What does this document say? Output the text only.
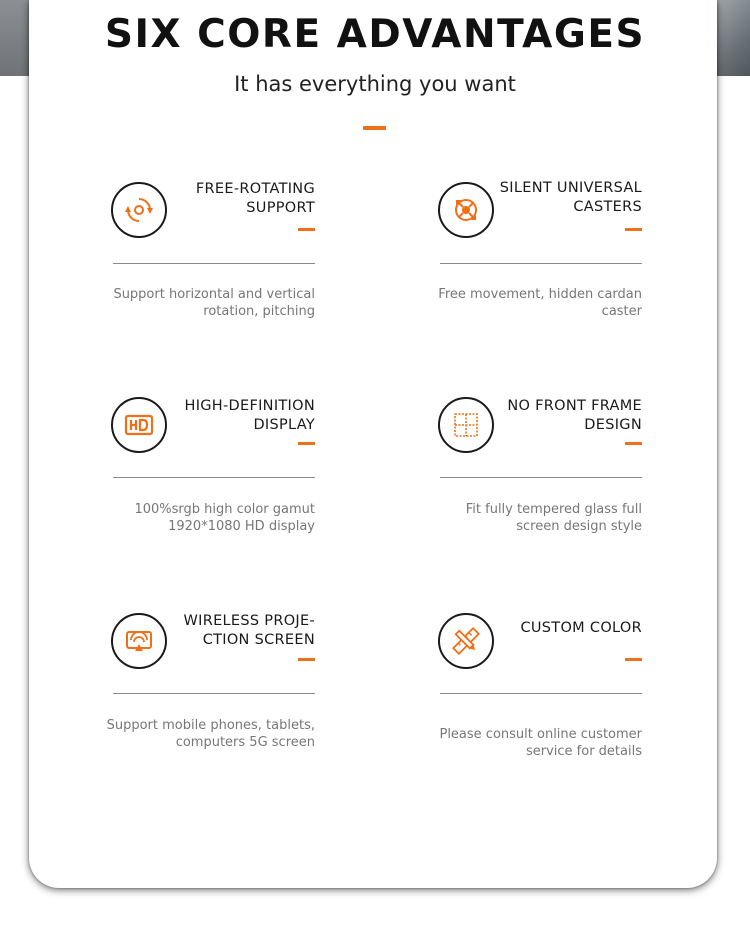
SIX CORE ADVANTAGES
It has everything you want
FREE-ROTATING
SUPPORT
Support horizontal and vertical
rotation, pitching
SILENT UNIVERSAL
CASTERS
Free movement, hidden cardan
caster
HIGH-DEFINITION
DISPLAY
100%srgb high color gamut
1920*1080 HD display
NO FRONT FRAME
DESIGN
Fit fully tempered glass full
screen design style
WIRELESS PROJE-
CTION SCREEN
Support mobile phones, tablets,
computers 5G screen
CUSTOM COLOR
Please consult online customer
service for details
